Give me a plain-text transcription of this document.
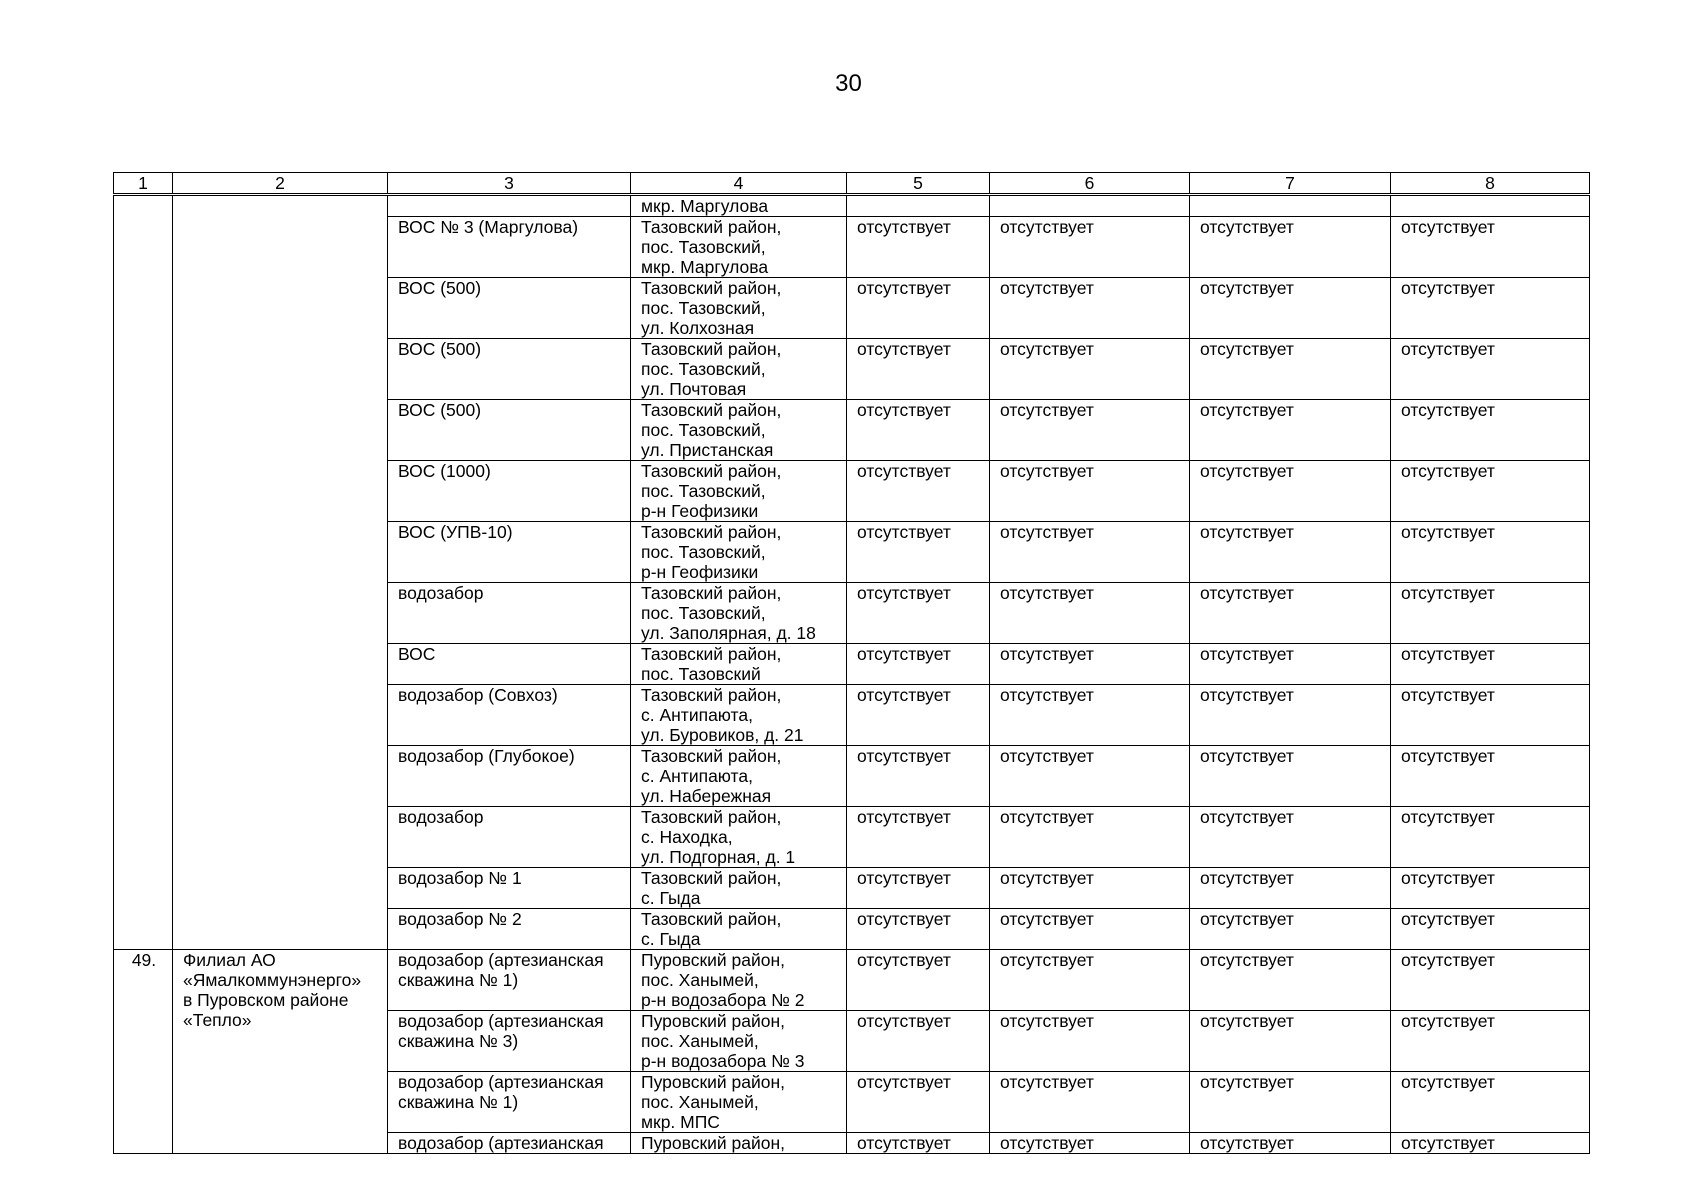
30
1	2	3	4	5	6	7	8
			мкр. Маргулова				

		ВОС № 3 (Маргулова)	Тазовский район,
пос. Тазовский,
мкр. Маргулова	отсутствует	отсутствует	отсутствует	отсутствует

		ВОС (500)	Тазовский район,
пос. Тазовский,
ул. Колхозная	отсутствует	отсутствует	отсутствует	отсутствует

		ВОС (500)	Тазовский район,
пос. Тазовский,
ул. Почтовая	отсутствует	отсутствует	отсутствует	отсутствует

		ВОС (500)	Тазовский район,
пос. Тазовский,
ул. Пристанская	отсутствует	отсутствует	отсутствует	отсутствует

		ВОС (1000)	Тазовский район,
пос. Тазовский,
р-н Геофизики	отсутствует	отсутствует	отсутствует	отсутствует

		ВОС (УПВ-10)	Тазовский район,
пос. Тазовский,
р-н Геофизики	отсутствует	отсутствует	отсутствует	отсутствует

		водозабор	Тазовский район,
пос. Тазовский,
ул. Заполярная, д. 18	отсутствует	отсутствует	отсутствует	отсутствует

		ВОС	Тазовский район,
пос. Тазовский	отсутствует	отсутствует	отсутствует	отсутствует

		водозабор (Совхоз)	Тазовский район,
с. Антипаюта,
ул. Буровиков, д. 21	отсутствует	отсутствует	отсутствует	отсутствует

		водозабор (Глубокое)	Тазовский район,
с. Антипаюта,
ул. Набережная	отсутствует	отсутствует	отсутствует	отсутствует

		водозабор	Тазовский район,
с. Находка,
ул. Подгорная, д. 1	отсутствует	отсутствует	отсутствует	отсутствует

		водозабор № 1	Тазовский район,
с. Гыда	отсутствует	отсутствует	отсутствует	отсутствует

		водозабор № 2	Тазовский район,
с. Гыда	отсутствует	отсутствует	отсутствует	отсутствует
49.	Филиал АО
«Ямалкоммунэнерго»
в Пуровском районе
«Тепло»	водозабор (артезианская
скважина № 1)	Пуровский район,
пос. Ханымей,
р-н водозабора № 2	отсутствует	отсутствует	отсутствует	отсутствует

		водозабор (артезианская
скважина № 3)	Пуровский район,
пос. Ханымей,
р-н водозабора № 3	отсутствует	отсутствует	отсутствует	отсутствует

		водозабор (артезианская
скважина № 1)	Пуровский район,
пос. Ханымей,
мкр. МПС	отсутствует	отсутствует	отсутствует	отсутствует

		водозабор (артезианская	Пуровский район,	отсутствует	отсутствует	отсутствует	отсутствует
